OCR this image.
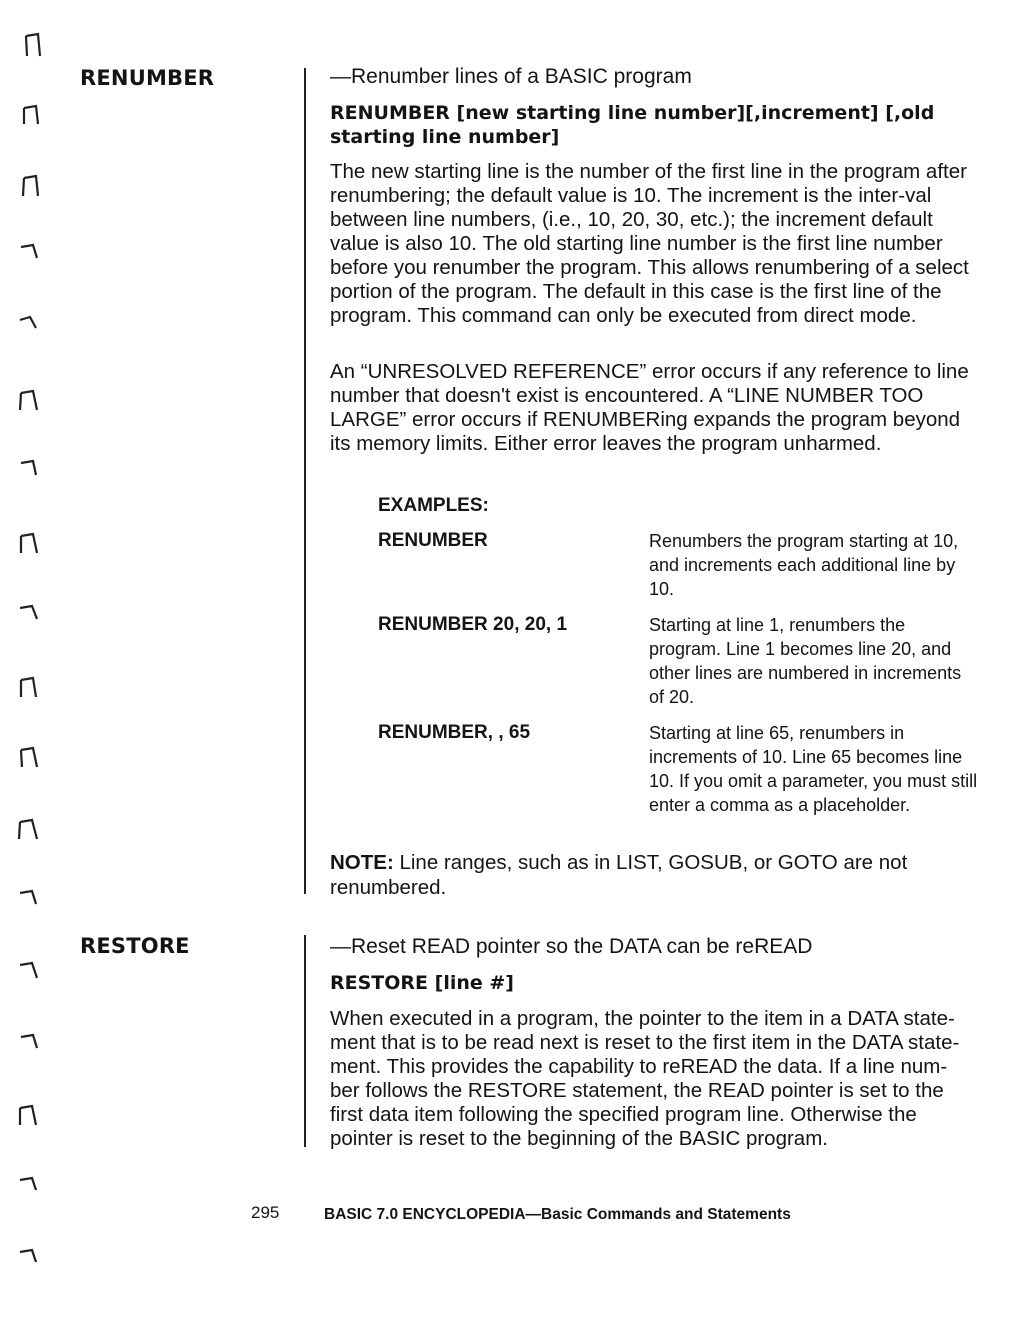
RENUMBER	—Renumber lines of a BASIC program
RENUMBER [new starting line number][,increment] [,old starting line number]
The new starting line is the number of the first line in the program after renumbering; the default value is 10. The increment is the inter-val between line numbers, (i.e., 10, 20, 30, etc.); the increment default value is also 10. The old starting line number is the first line number before you renumber the program. This allows renumbering of a select portion of the program. The default in this case is the first line of the program. This command can only be executed from direct mode.
An “UNRESOLVED REFERENCE” error occurs if any reference to line number that doesn't exist is encountered. A “LINE NUMBER TOO LARGE” error occurs if RENUMBERing expands the program beyond its memory limits. Either error leaves the program unharmed.
EXAMPLES:
RENUMBER	Renumbers the program starting at 10, and increments each additional line by 10.
RENUMBER 20, 20, 1	Starting at line 1, renumbers the program. Line 1 becomes line 20, and other lines are numbered in increments of 20.
RENUMBER, , 65	Starting at line 65, renumbers in increments of 10. Line 65 becomes line 10. If you omit a parameter, you must still enter a comma as a placeholder.
NOTE: Line ranges, such as in LIST, GOSUB, or GOTO are not renumbered.
RESTORE	—Reset READ pointer so the DATA can be reREAD
RESTORE [line #]
When executed in a program, the pointer to the item in a DATA state-ment that is to be read next is reset to the first item in the DATA state-ment. This provides the capability to reREAD the data. If a line num-ber follows the RESTORE statement, the READ pointer is set to the first data item following the specified program line. Otherwise the pointer is reset to the beginning of the BASIC program.
295	BASIC 7.0 ENCYCLOPEDIA—Basic Commands and Statements
